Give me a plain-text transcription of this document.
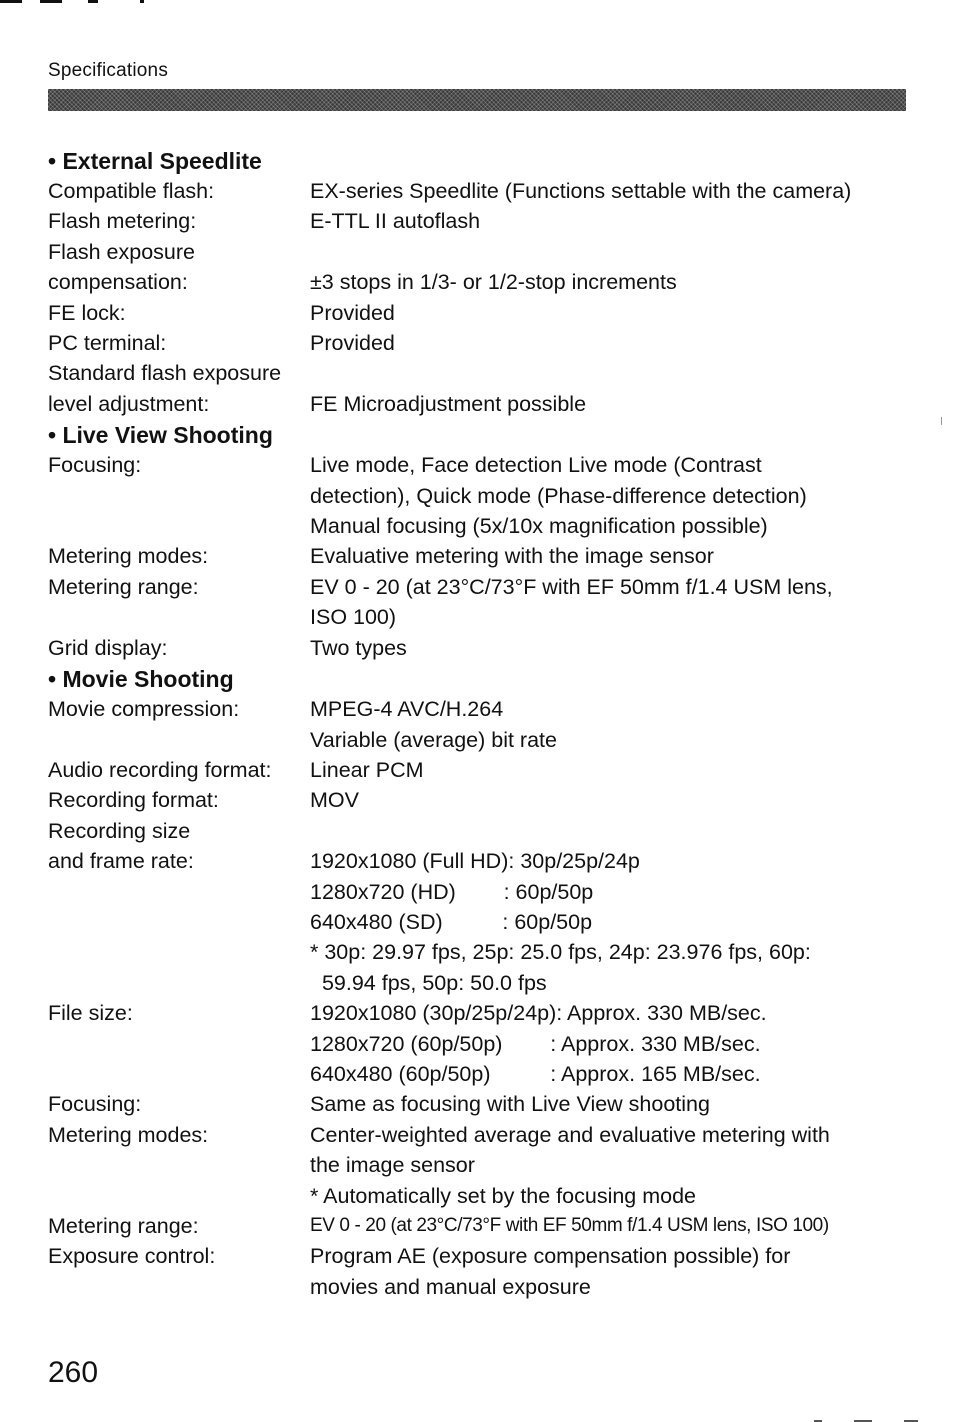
Specifications
• External Speedlite
Compatible flash:	EX-series Speedlite (Functions settable with the camera)
Flash metering:	E-TTL II autoflash
Flash exposure
compensation:
	±3 stops in 1/3- or 1/2-stop increments
FE lock:	Provided
PC terminal:	Provided
Standard flash exposure
level adjustment:
	FE Microadjustment possible
• Live View Shooting
Focusing:	Live mode, Face detection Live mode (Contrast
detection), Quick mode (Phase-difference detection)
Manual focusing (5x/10x magnification possible)
Metering modes:	Evaluative metering with the image sensor
Metering range:	EV 0 - 20 (at 23°C/73°F with EF 50mm f/1.4 USM lens,
ISO 100)
Grid display:	Two types
• Movie Shooting
Movie compression:	MPEG-4 AVC/H.264
Variable (average) bit rate
Audio recording format:	Linear PCM
Recording format:	MOV
Recording size
and frame rate:
	1920x1080 (Full HD): 30p/25p/24p
1280x720 (HD)        : 60p/50p
640x480 (SD)          : 60p/50p
* 30p: 29.97 fps, 25p: 25.0 fps, 24p: 23.976 fps, 60p:
59.94 fps, 50p: 50.0 fps
File size:	1920x1080 (30p/25p/24p): Approx. 330 MB/sec.
1280x720 (60p/50p)        : Approx. 330 MB/sec.
640x480 (60p/50p)          : Approx. 165 MB/sec.
Focusing:	Same as focusing with Live View shooting
Metering modes:	Center-weighted average and evaluative metering with
the image sensor
* Automatically set by the focusing mode
Metering range:	EV 0 - 20 (at 23°C/73°F with EF 50mm f/1.4 USM lens, ISO 100)
Exposure control:	Program AE (exposure compensation possible) for
movies and manual exposure
260
